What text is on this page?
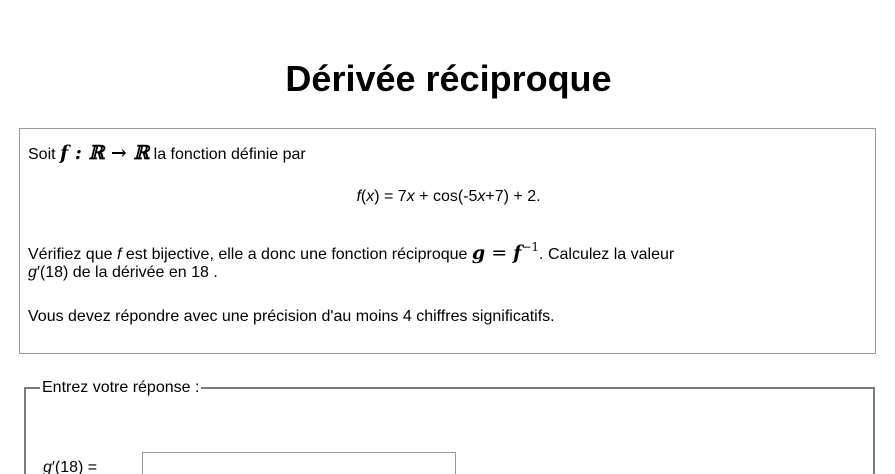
Dérivée réciproque
Soit f : ℝ → ℝ la fonction définie par
f(x) = 7x + cos(-5x+7) + 2.
Vérifiez que f est bijective, elle a donc une fonction réciproque $g = f^{-1}$. Calculez la valeur
g′(18) de la dérivée en 18 .
Vous devez répondre avec une précision d'au moins 4 chiffres significatifs.
Entrez votre réponse :
g′(18) =
